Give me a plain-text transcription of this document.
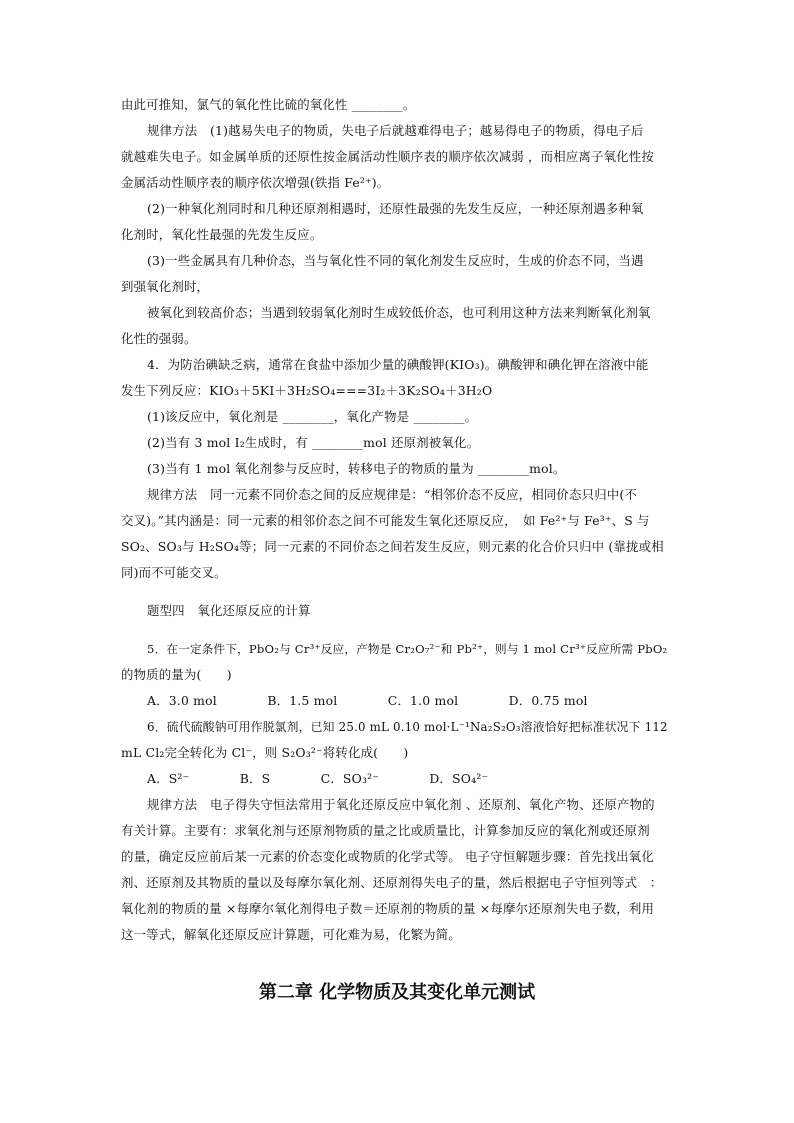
由此可推知，氯气的氧化性比硫的氧化性 ________。
规律方法　(1)越易失电子的物质，失电子后就越难得电子；越易得电子的物质，得电子后
就越难失电子。如金属单质的还原性按金属活动性顺序表的顺序依次减弱 ，而相应离子氧化性按
金属活动性顺序表的顺序依次增强(铁指 Fe²⁺)。
(2)一种氧化剂同时和几种还原剂相遇时，还原性最强的先发生反应，一种还原剂遇多种氧
化剂时，氧化性最强的先发生反应。
(3)一些金属具有几种价态，当与氧化性不同的氧化剂发生反应时，生成的价态不同，当遇
到强氧化剂时，
被氧化到较高价态；当遇到较弱氧化剂时生成较低价态，也可利用这种方法来判断氧化剂氧
化性的强弱。
4．为防治碘缺乏病，通常在食盐中添加少量的碘酸钾(KIO₃)。碘酸钾和碘化钾在溶液中能
发生下列反应：KIO₃＋5KI＋3H₂SO₄===3I₂＋3K₂SO₄＋3H₂O
(1)该反应中，氧化剂是 ________，氧化产物是 ________。
(2)当有 3 mol I₂生成时，有 ________mol 还原剂被氧化。
(3)当有 1 mol 氧化剂参与反应时，转移电子的物质的量为 ________mol。
规律方法　同一元素不同价态之间的反应规律是：“相邻价态不反应，相同价态只归中(不
交叉)。”其内涵是：同一元素的相邻价态之间不可能发生氧化还原反应，　如 Fe²⁺与 Fe³⁺、S 与
SO₂、SO₃与 H₂SO₄等；同一元素的不同价态之间若发生反应，则元素的化合价只归中 (靠拢或相
同)而不可能交叉。
题型四　氧化还原反应的计算
5．在一定条件下，PbO₂与 Cr³⁺反应，产物是 Cr₂O₇²⁻和 Pb²⁺，则与 1 mol Cr³⁺反应所需 PbO₂
的物质的量为(　　)
A．3.0 mol　　　　B．1.5 mol　　　　C．1.0 mol　　　　D．0.75 mol
6．硫代硫酸钠可用作脱氯剂，已知 25.0 mL 0.10 mol·L⁻¹Na₂S₂O₃溶液恰好把标准状况下 112
mL Cl₂完全转化为 Cl⁻，则 S₂O₃²⁻将转化成(　　)
A．S²⁻　　　　B．S　　　　C．SO₃²⁻　　　　D．SO₄²⁻
规律方法　电子得失守恒法常用于氧化还原反应中氧化剂 、还原剂、氧化产物、还原产物的
有关计算。主要有：求氧化剂与还原剂物质的量之比或质量比，计算参加反应的氧化剂或还原剂
的量，确定反应前后某一元素的价态变化或物质的化学式等。 电子守恒解题步骤：首先找出氧化
剂、还原剂及其物质的量以及每摩尔氧化剂、还原剂得失电子的量，然后根据电子守恒列等式　：
氧化剂的物质的量 ×每摩尔氧化剂得电子数＝还原剂的物质的量 ×每摩尔还原剂失电子数，利用
这一等式，解氧化还原反应计算题，可化难为易，化繁为简。
第二章 化学物质及其变化单元测试
